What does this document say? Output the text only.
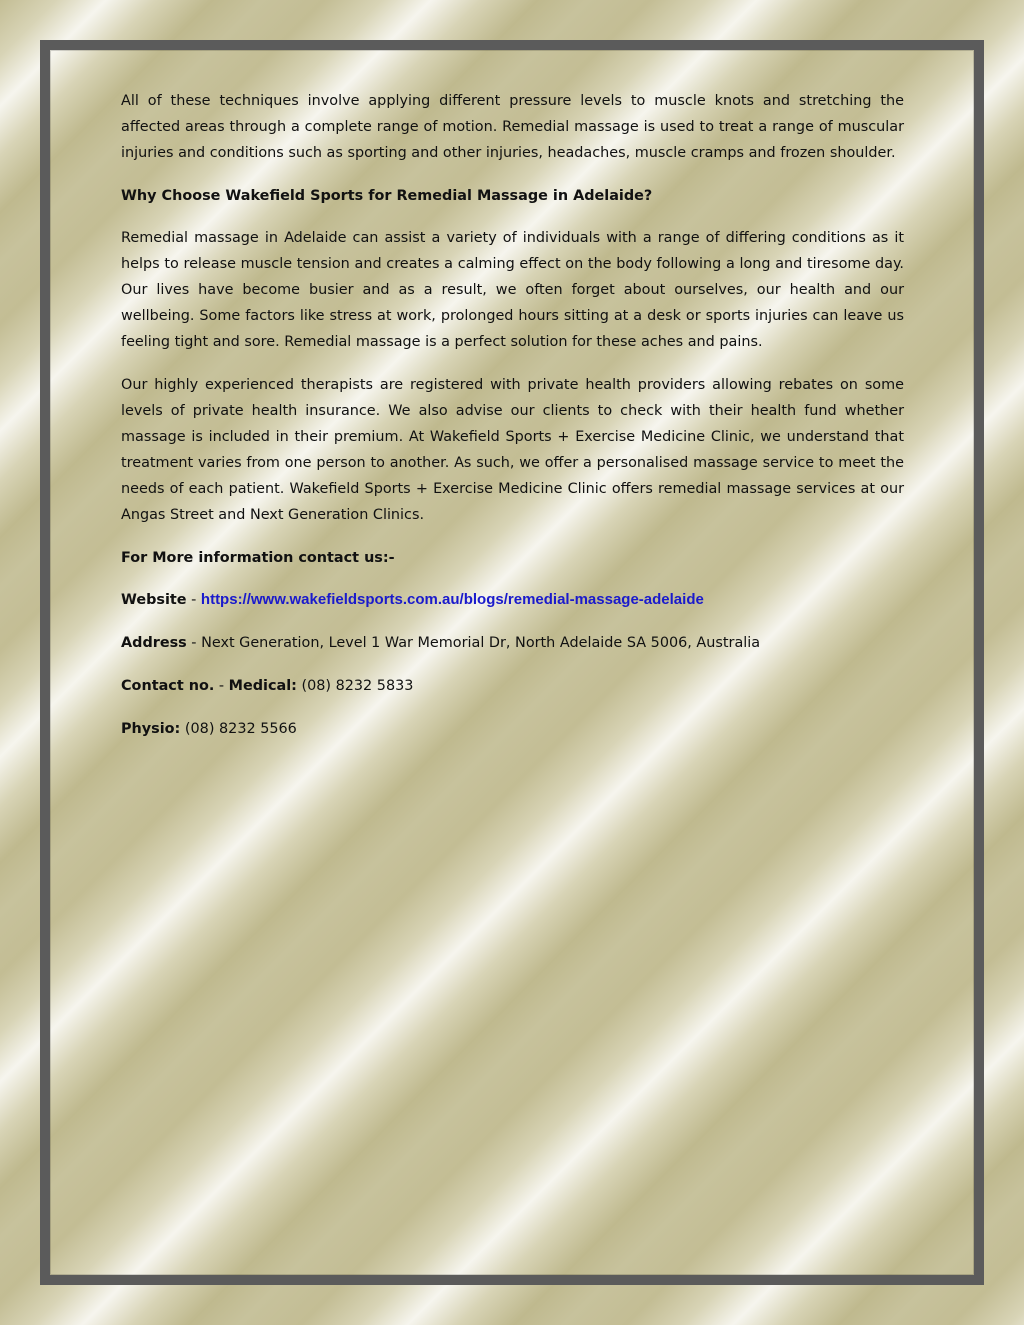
All of these techniques involve applying different pressure levels to muscle knots and stretching the affected areas through a complete range of motion. Remedial massage is used to treat a range of muscular injuries and conditions such as sporting and other injuries, headaches, muscle cramps and frozen shoulder.

Why Choose Wakefield Sports for Remedial Massage in Adelaide?

Remedial massage in Adelaide can assist a variety of individuals with a range of differing conditions as it helps to release muscle tension and creates a calming effect on the body following a long and tiresome day. Our lives have become busier and as a result, we often forget about ourselves, our health and our wellbeing. Some factors like stress at work, prolonged hours sitting at a desk or sports injuries can leave us feeling tight and sore. Remedial massage is a perfect solution for these aches and pains.

Our highly experienced therapists are registered with private health providers allowing rebates on some levels of private health insurance. We also advise our clients to check with their health fund whether massage is included in their premium. At Wakefield Sports + Exercise Medicine Clinic, we understand that treatment varies from one person to another. As such, we offer a personalised massage service to meet the needs of each patient. Wakefield Sports + Exercise Medicine Clinic offers remedial massage services at our Angas Street and Next Generation Clinics.

For More information contact us:-

Website - https://www.wakefieldsports.com.au/blogs/remedial-massage-adelaide

Address - Next Generation, Level 1 War Memorial Dr, North Adelaide SA 5006, Australia

Contact no. - Medical: (08) 8232 5833

Physio: (08) 8232 5566
